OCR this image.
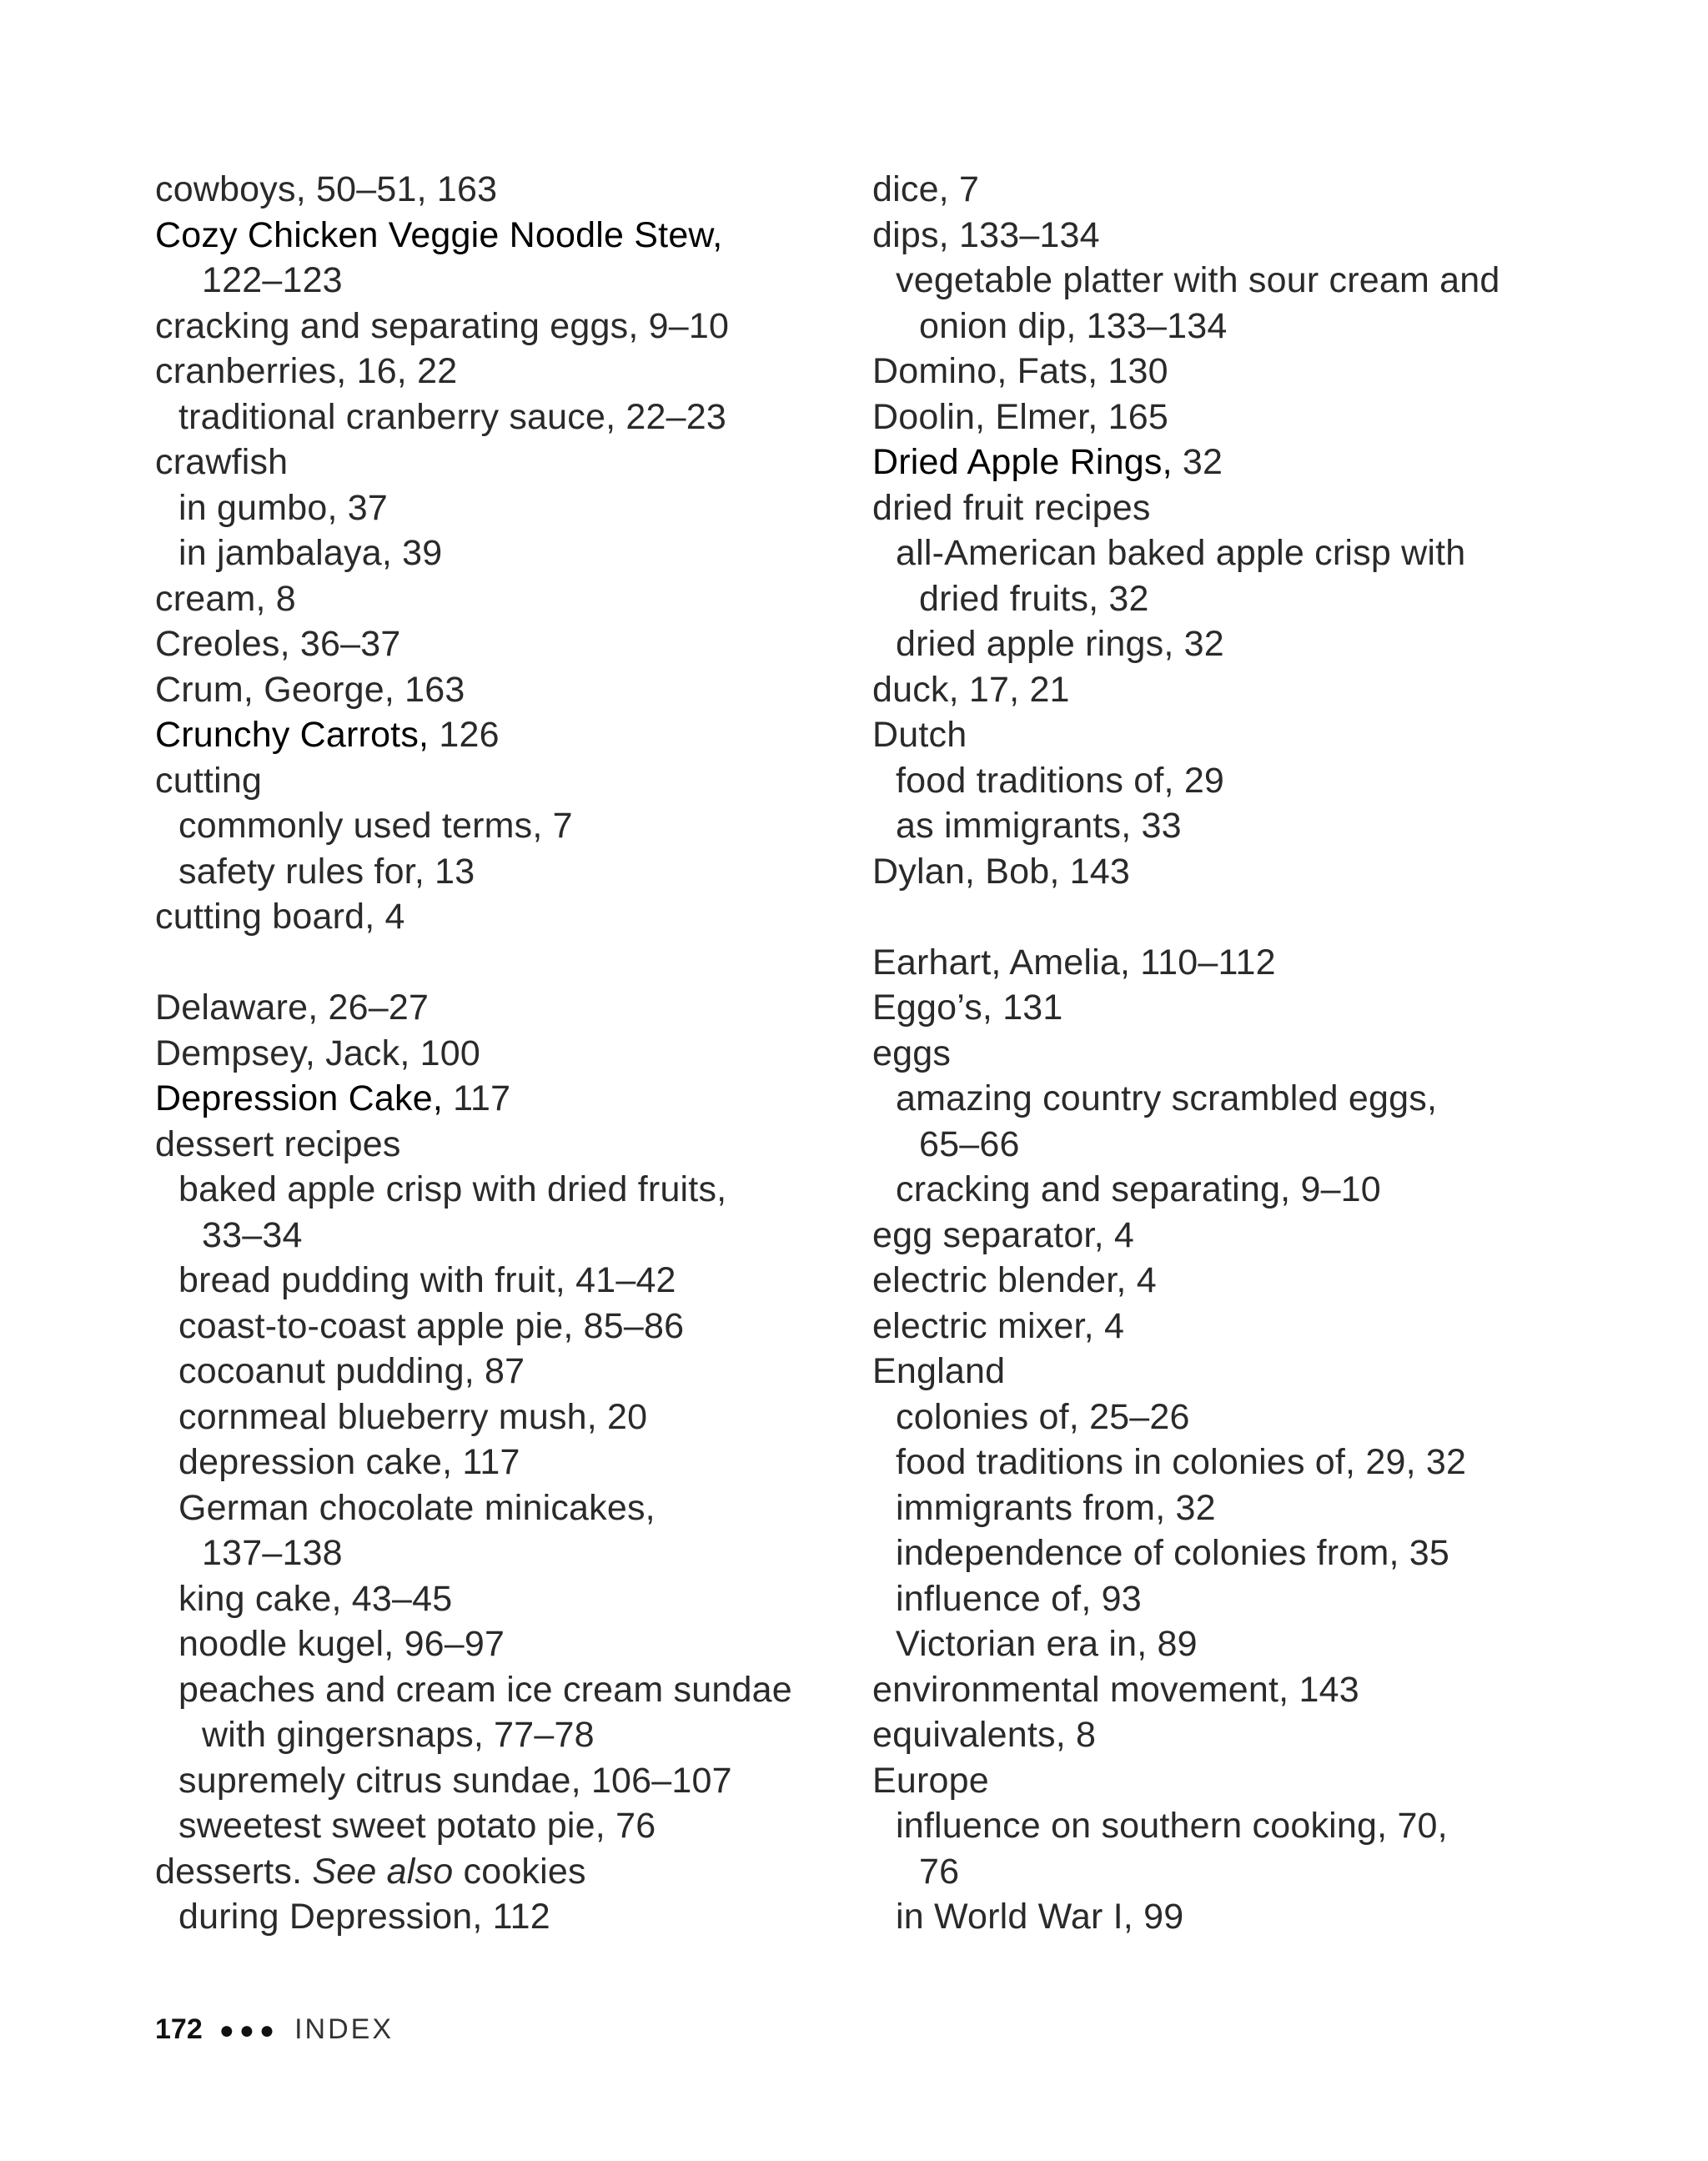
cowboys, 50–51, 163
Cozy Chicken Veggie Noodle Stew,
122–123
cracking and separating eggs, 9–10
cranberries, 16, 22
traditional cranberry sauce, 22–23
crawfish
in gumbo, 37
in jambalaya, 39
cream, 8
Creoles, 36–37
Crum, George, 163
Crunchy Carrots, 126
cutting
commonly used terms, 7
safety rules for, 13
cutting board, 4
Delaware, 26–27
Dempsey, Jack, 100
Depression Cake, 117
dessert recipes
baked apple crisp with dried fruits,
33–34
bread pudding with fruit, 41–42
coast-to-coast apple pie, 85–86
cocoanut pudding, 87
cornmeal blueberry mush, 20
depression cake, 117
German chocolate minicakes,
137–138
king cake, 43–45
noodle kugel, 96–97
peaches and cream ice cream sundae
with gingersnaps, 77–78
supremely citrus sundae, 106–107
sweetest sweet potato pie, 76
desserts. See also cookies
during Depression, 112
dice, 7
dips, 133–134
vegetable platter with sour cream and
onion dip, 133–134
Domino, Fats, 130
Doolin, Elmer, 165
Dried Apple Rings, 32
dried fruit recipes
all-American baked apple crisp with
dried fruits, 32
dried apple rings, 32
duck, 17, 21
Dutch
food traditions of, 29
as immigrants, 33
Dylan, Bob, 143
Earhart, Amelia, 110–112
Eggo’s, 131
eggs
amazing country scrambled eggs,
65–66
cracking and separating, 9–10
egg separator, 4
electric blender, 4
electric mixer, 4
England
colonies of, 25–26
food traditions in colonies of, 29, 32
immigrants from, 32
independence of colonies from, 35
influence of, 93
Victorian era in, 89
environmental movement, 143
equivalents, 8
Europe
influence on southern cooking, 70,
76
in World War I, 99
172 ●●● INDEX
